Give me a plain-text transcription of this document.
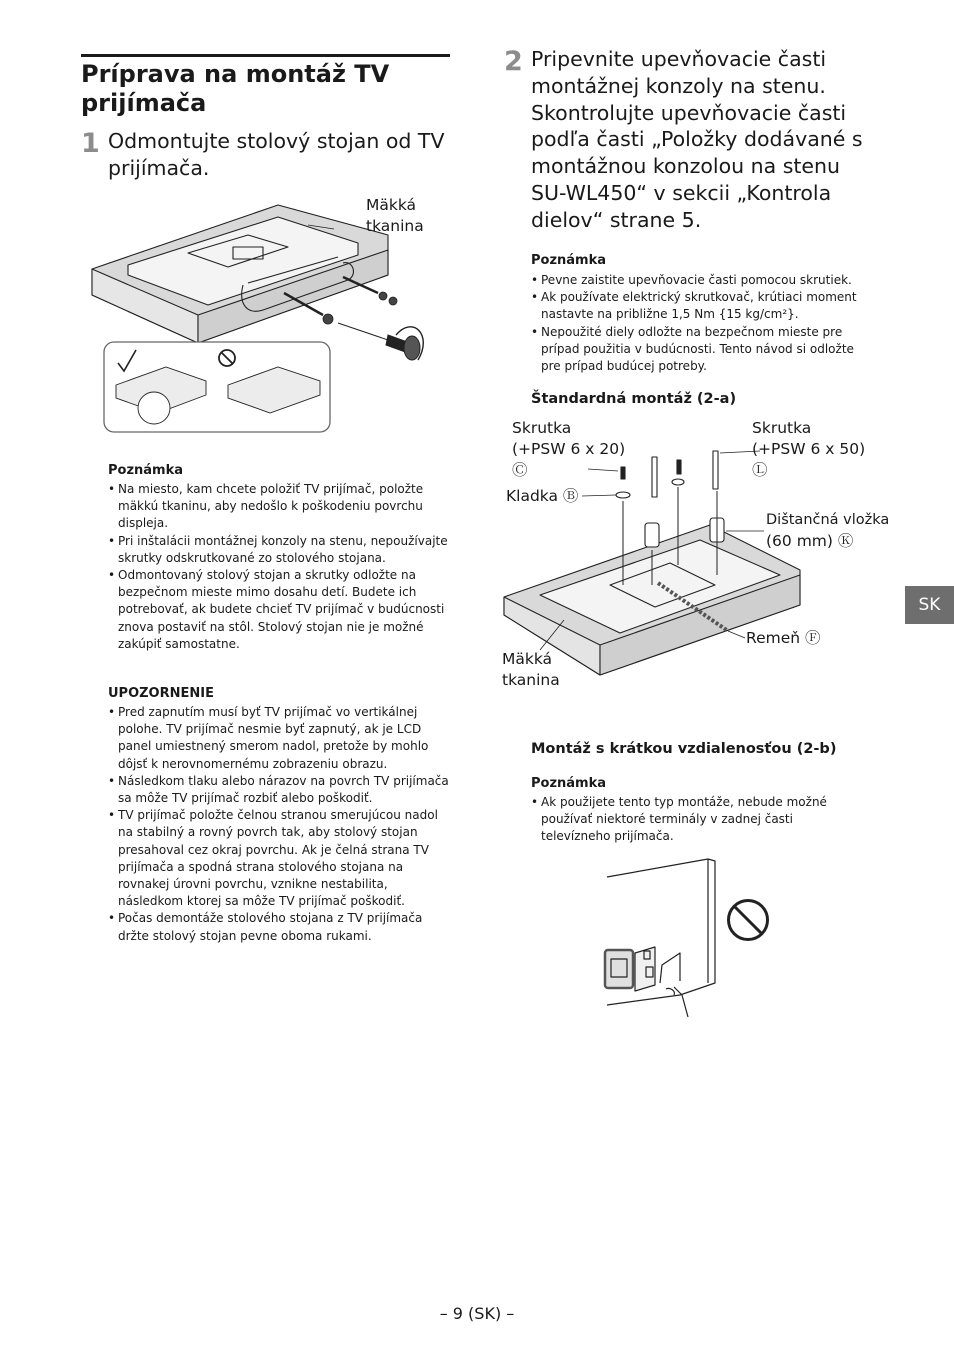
Príprava na montáž TV prijímača
1 Odmontujte stolový stojan od TV prijímača.
Mäkká
tkanina
Poznámka
• Na miesto, kam chcete položiť TV prijímač, položte mäkkú tkaninu, aby nedošlo k poškodeniu povrchu displeja.
• Pri inštalácii montážnej konzoly na stenu, nepoužívajte skrutky odskrutkované zo stolového stojana.
• Odmontovaný stolový stojan a skrutky odložte na bezpečnom mieste mimo dosahu detí. Budete ich potrebovať, ak budete chcieť TV prijímač v budúcnosti znova postaviť na stôl. Stolový stojan nie je možné zakúpiť samostatne.
UPOZORNENIE
• Pred zapnutím musí byť TV prijímač vo vertikálnej polohe. TV prijímač nesmie byť zapnutý, ak je LCD panel umiestnený smerom nadol, pretože by mohlo dôjsť k nerovnomernému zobrazeniu obrazu.
• Následkom tlaku alebo nárazov na povrch TV prijímača sa môže TV prijímač rozbiť alebo poškodiť.
• TV prijímač položte čelnou stranou smerujúcou nadol na stabilný a rovný povrch tak, aby stolový stojan presahoval cez okraj povrchu. Ak je čelná strana TV prijímača a spodná strana stolového stojana na rovnakej úrovni povrchu, vznikne nestabilita, následkom ktorej sa môže TV prijímač poškodiť.
• Počas demontáže stolového stojana z TV prijímača držte stolový stojan pevne oboma rukami.
2 Pripevnite upevňovacie časti montážnej konzoly na stenu. Skontrolujte upevňovacie časti podľa časti „Položky dodávané s montážnou konzolou na stenu SU-WL450“ v sekcii „Kontrola dielov“ strane 5.
Poznámka
• Pevne zaistite upevňovacie časti pomocou skrutiek.
• Ak používate elektrický skrutkovač, krútiaci moment nastavte na približne 1,5 Nm {15 kg/cm²}.
• Nepoužité diely odložte na bezpečnom mieste pre prípad použitia v budúcnosti. Tento návod si odložte pre prípad budúcej potreby.
Štandardná montáž (2-a)
Skrutka
(+PSW 6 x 20)
Ⓒ
Skrutka
(+PSW 6 x 50)
Ⓛ
Kladka Ⓑ
Dištančná vložka
(60 mm) Ⓚ
Remeň Ⓕ
Mäkká
tkanina
Montáž s krátkou vzdialenosťou (2-b)
Poznámka
• Ak použijete tento typ montáže, nebude možné používať niektoré terminály v zadnej časti televízneho prijímača.
SK
– 9 (SK) –
